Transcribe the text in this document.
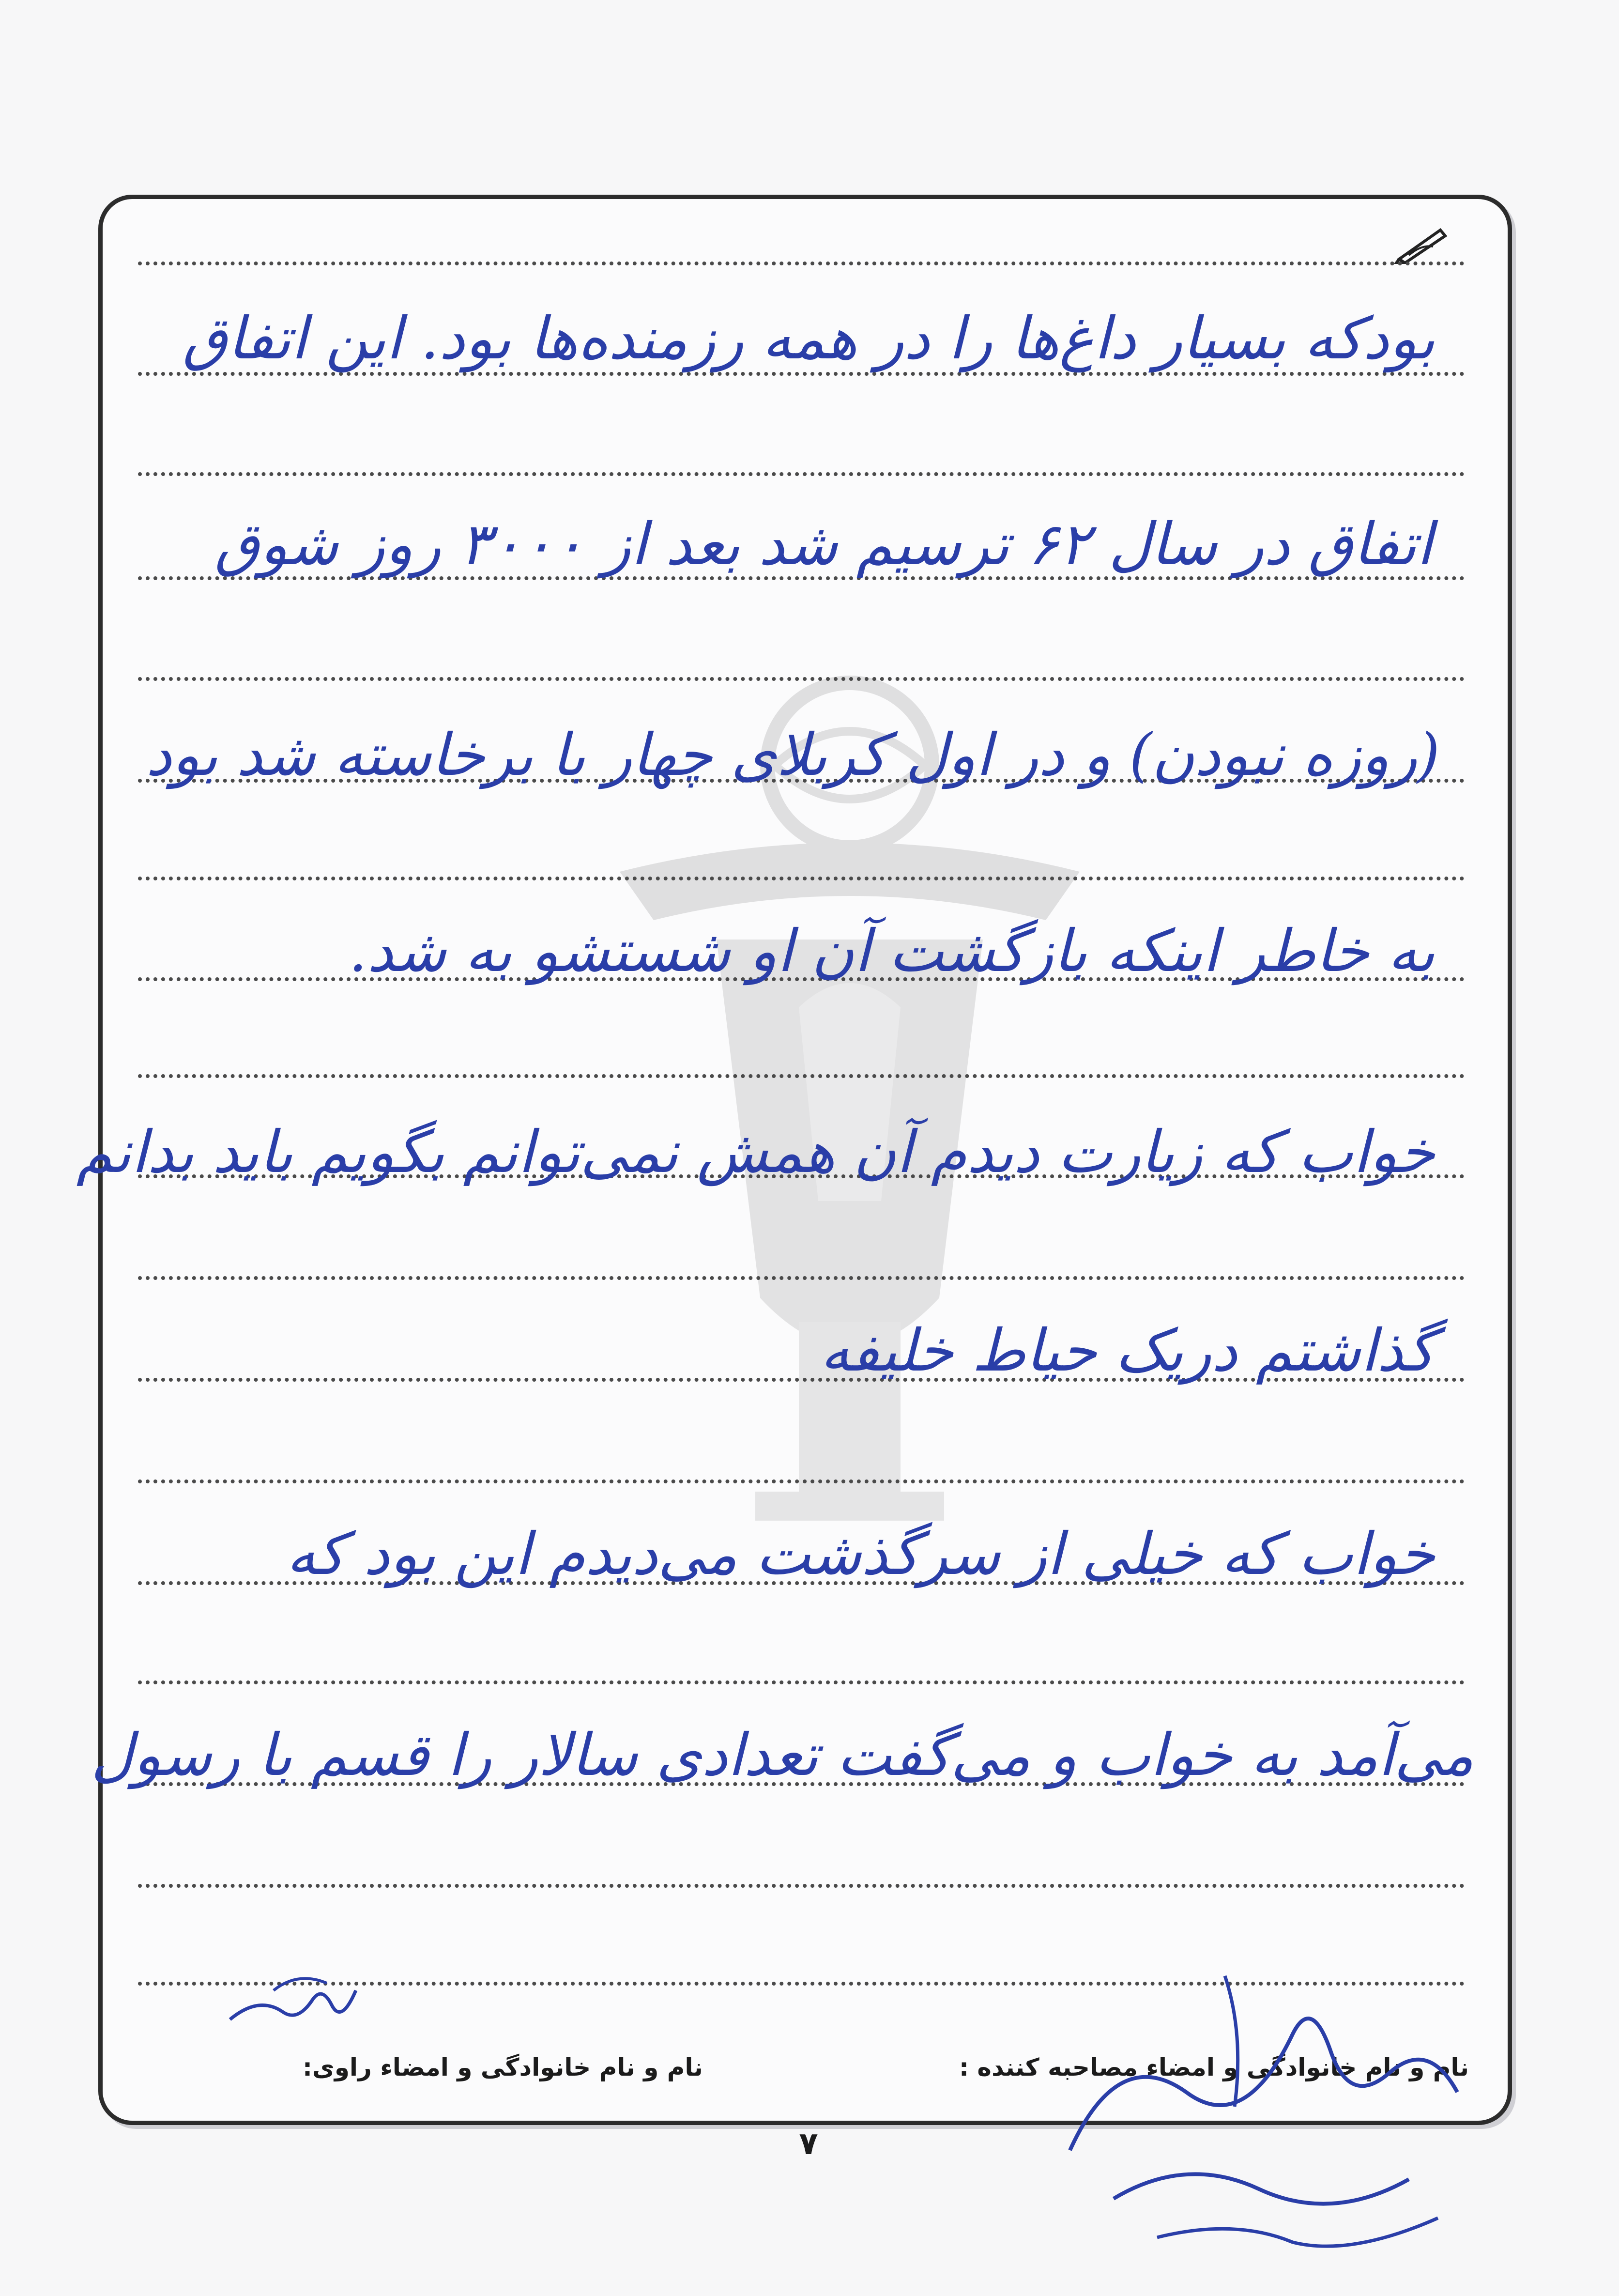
بودکه بسیار داغ‌ها را در همه رزمنده‌ها بود. این اتفاق
اتفاق در سال ۶۲ ترسیم شد بعد از ۳۰۰۰ روز شوق
(روزه نبودن) و در اول کربلای چهار با برخاسته شد بود
به خاطر اینکه بازگشت آن او شستشو به شد.
خواب که زیارت دیدم آن همش نمی‌توانم بگویم باید بدانم
گذاشتم دریک حیاط خلیفه
خواب که خیلی از سرگذشت می‌دیدم این بود که
می‌آمد به خواب و می‌گفت تعدادی سالار را قسم با رسول
نام و نام خانوادگی و امضاء مصاحبه کننده :
نام و نام خانوادگی و امضاء راوی:
۷
